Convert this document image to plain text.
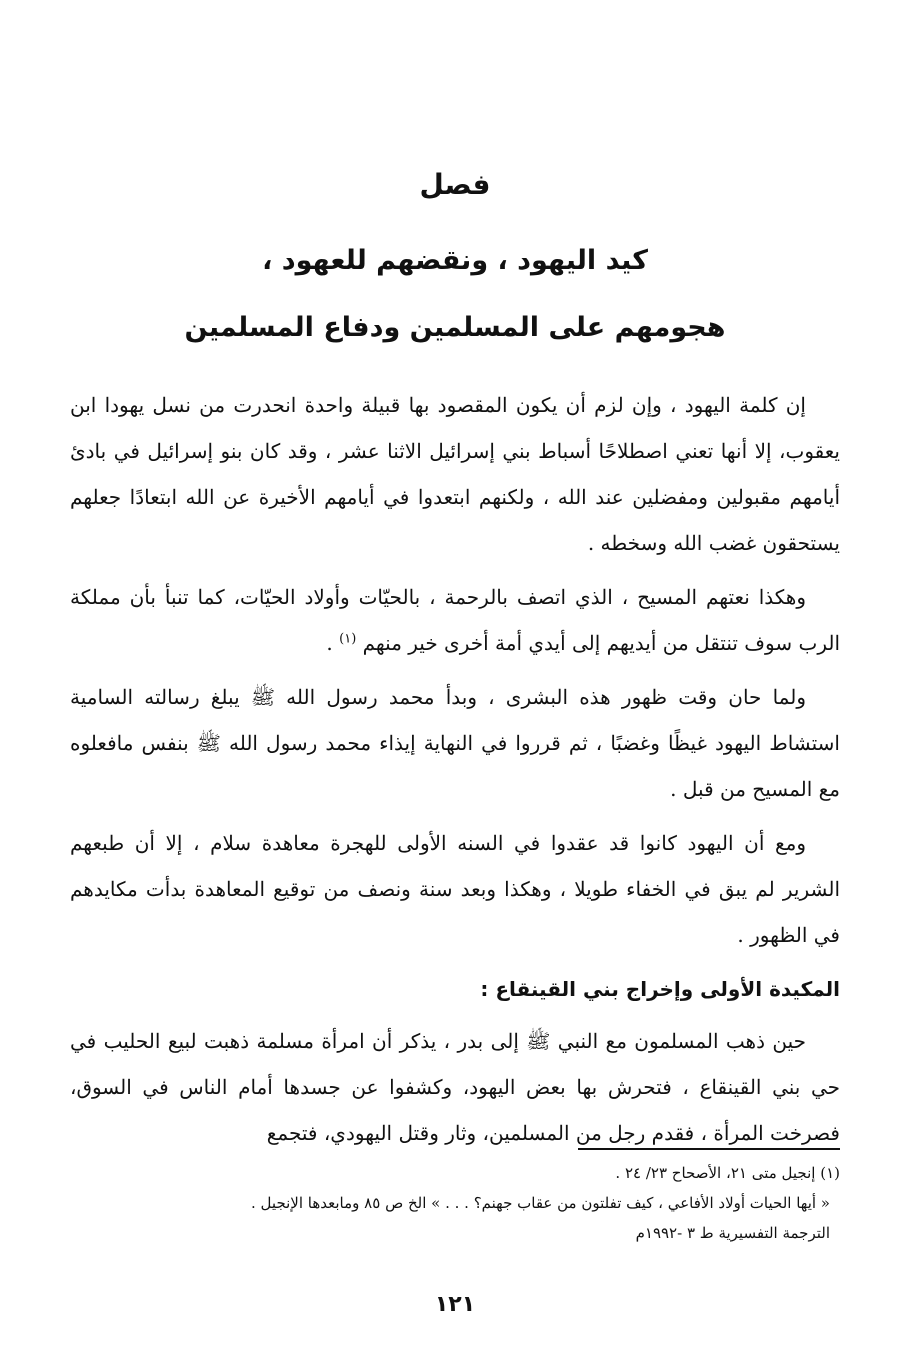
فصل
كيد اليهود ، ونقضهم للعهود ،
هجومهم على المسلمين ودفاع المسلمين

إن كلمة اليهود ، وإن لزم أن يكون المقصود بها قبيلة واحدة انحدرت من نسل يهودا ابن يعقوب، إلا أنها تعني اصطلاحًا أسباط بني إسرائيل الاثنا عشر ، وقد كان بنو إسرائيل في بادئ أيامهم مقبولين ومفضلين عند الله ، ولكنهم ابتعدوا في أيامهم الأخيرة عن الله ابتعادًا جعلهم يستحقون غضب الله وسخطه .

وهكذا نعتهم المسيح ، الذي اتصف بالرحمة ، بالحيّات وأولاد الحيّات، كما تنبأ بأن مملكة الرب سوف تنتقل من أيديهم إلى أيدي أمة أخرى خير منهم $^{(١)}$ .

ولما حان وقت ظهور هذه البشرى ، وبدأ محمد رسول الله ﷺ يبلغ رسالته السامية استشاط اليهود غيظًا وغضبًا ، ثم قرروا في النهاية إيذاء محمد رسول الله ﷺ بنفس مافعلوه مع المسيح من قبل .

ومع أن اليهود كانوا قد عقدوا في السنه الأولى للهجرة معاهدة سلام ، إلا أن طبعهم الشرير لم يبق في الخفاء طويلا ، وهكذا وبعد سنة ونصف من توقيع المعاهدة بدأت مكايدهم في الظهور .

المكيدة الأولى وإخراج بني القينقاع :

حين ذهب المسلمون مع النبي ﷺ إلى بدر ، يذكر أن امرأة مسلمة ذهبت لبيع الحليب في حي بني القينقاع ، فتحرش بها بعض اليهود، وكشفوا عن جسدها أمام الناس في السوق، فصرخت المرأة ، فقدم رجل من المسلمين، وثار وقتل اليهودي، فتجمع

(١) إنجيل متى ٢١، الأصحاح ٢٣/ ٢٤ .

« أيها الحيات أولاد الأفاعي ، كيف تفلتون من عقاب جهنم؟ . . . » الخ ص ٨٥ ومابعدها الإنجيل .

الترجمة التفسيرية ط ٣ -١٩٩٢م

١٢١
